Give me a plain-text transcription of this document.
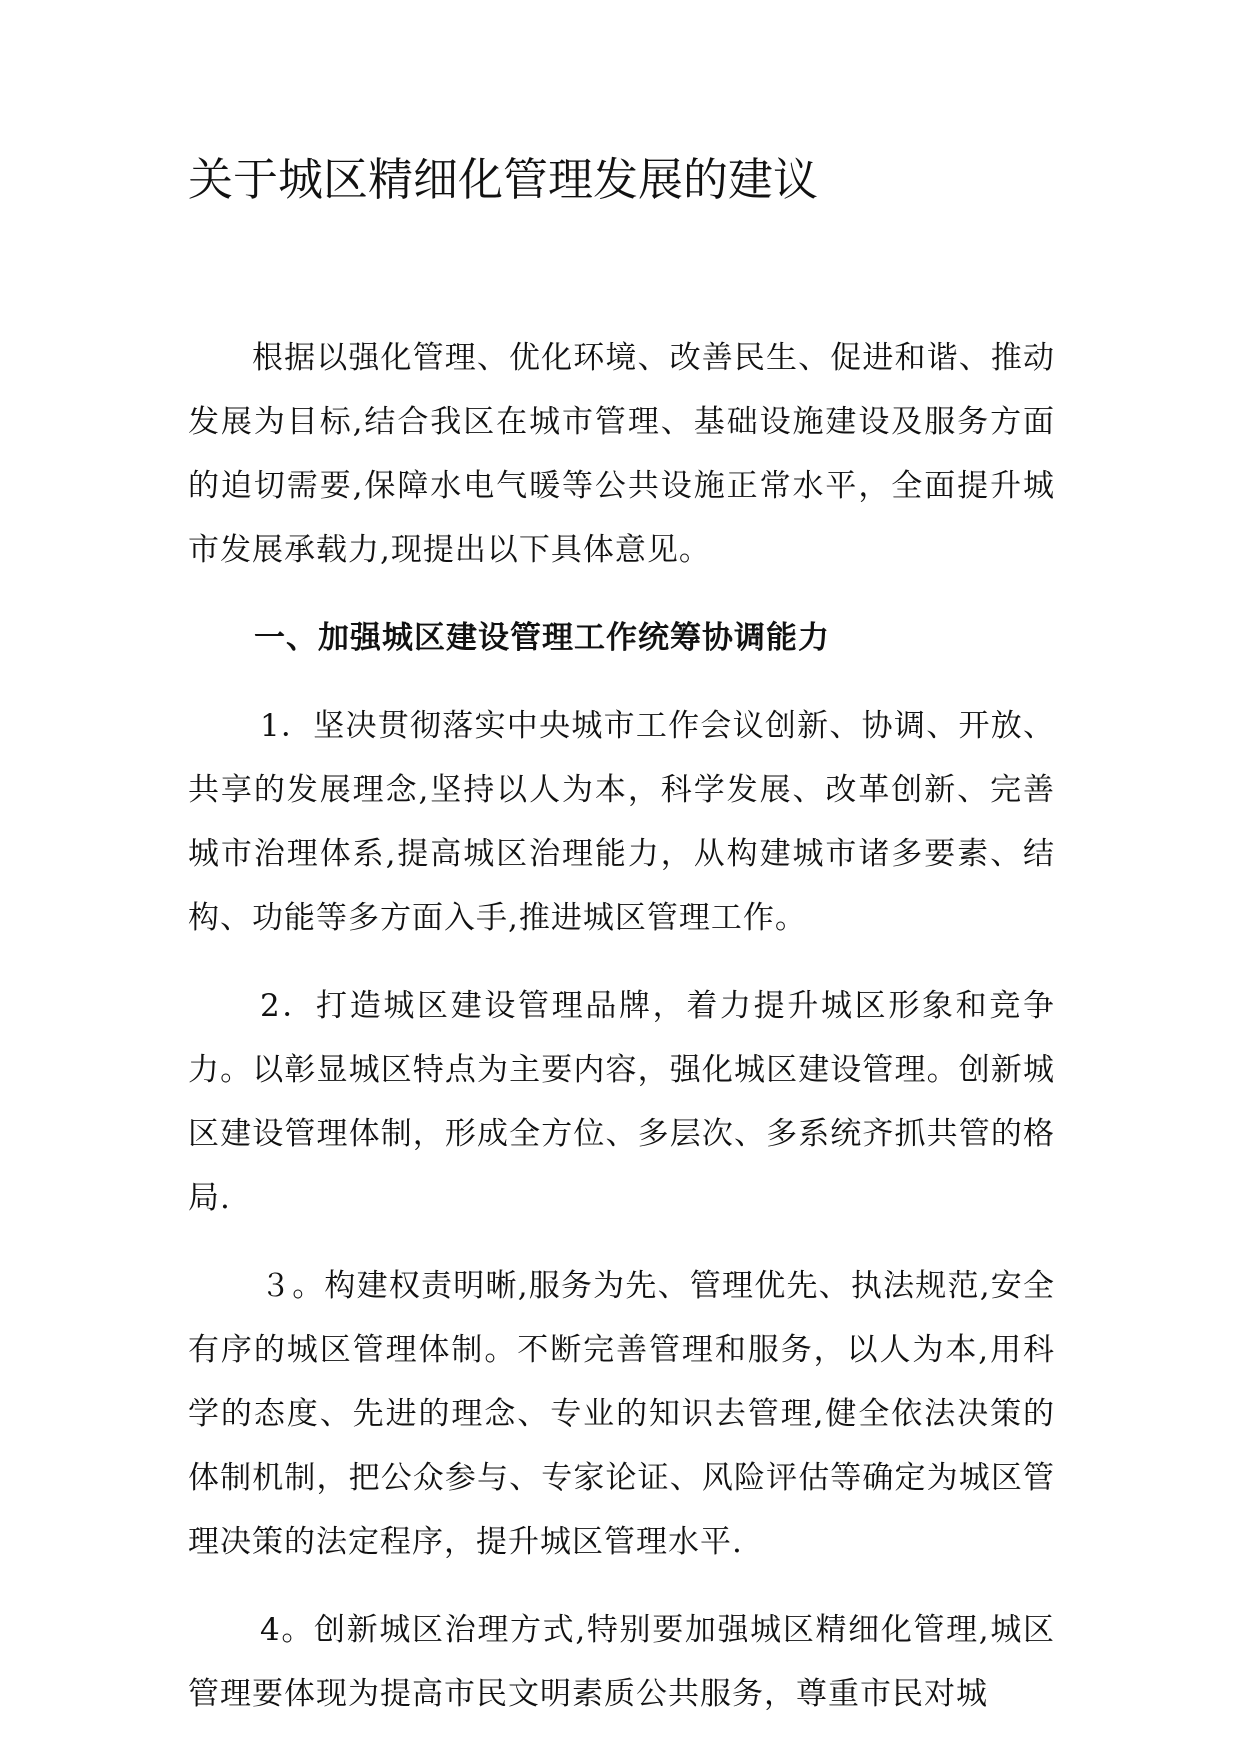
关于城区精细化管理发展的建议

根据以强化管理、优化环境、改善民生、促进和谐、推动发展为目标,结合我区在城市管理、基础设施建设及服务方面的迫切需要,保障水电气暖等公共设施正常水平，全面提升城市发展承载力,现提出以下具体意见。

一、加强城区建设管理工作统筹协调能力

1．坚决贯彻落实中央城市工作会议创新、协调、开放、共享的发展理念,坚持以人为本，科学发展、改革创新、完善城市治理体系,提高城区治理能力，从构建城市诸多要素、结构、功能等多方面入手,推进城区管理工作。

2．打造城区建设管理品牌，着力提升城区形象和竞争力。以彰显城区特点为主要内容，强化城区建设管理。创新城区建设管理体制，形成全方位、多层次、多系统齐抓共管的格局.

３。构建权责明晰,服务为先、管理优先、执法规范,安全有序的城区管理体制。不断完善管理和服务，以人为本,用科学的态度、先进的理念、专业的知识去管理,健全依法决策的体制机制，把公众参与、专家论证、风险评估等确定为城区管理决策的法定程序，提升城区管理水平.

4。创新城区治理方式,特别要加强城区精细化管理,城区管理要体现为提高市民文明素质公共服务，尊重市民对城
